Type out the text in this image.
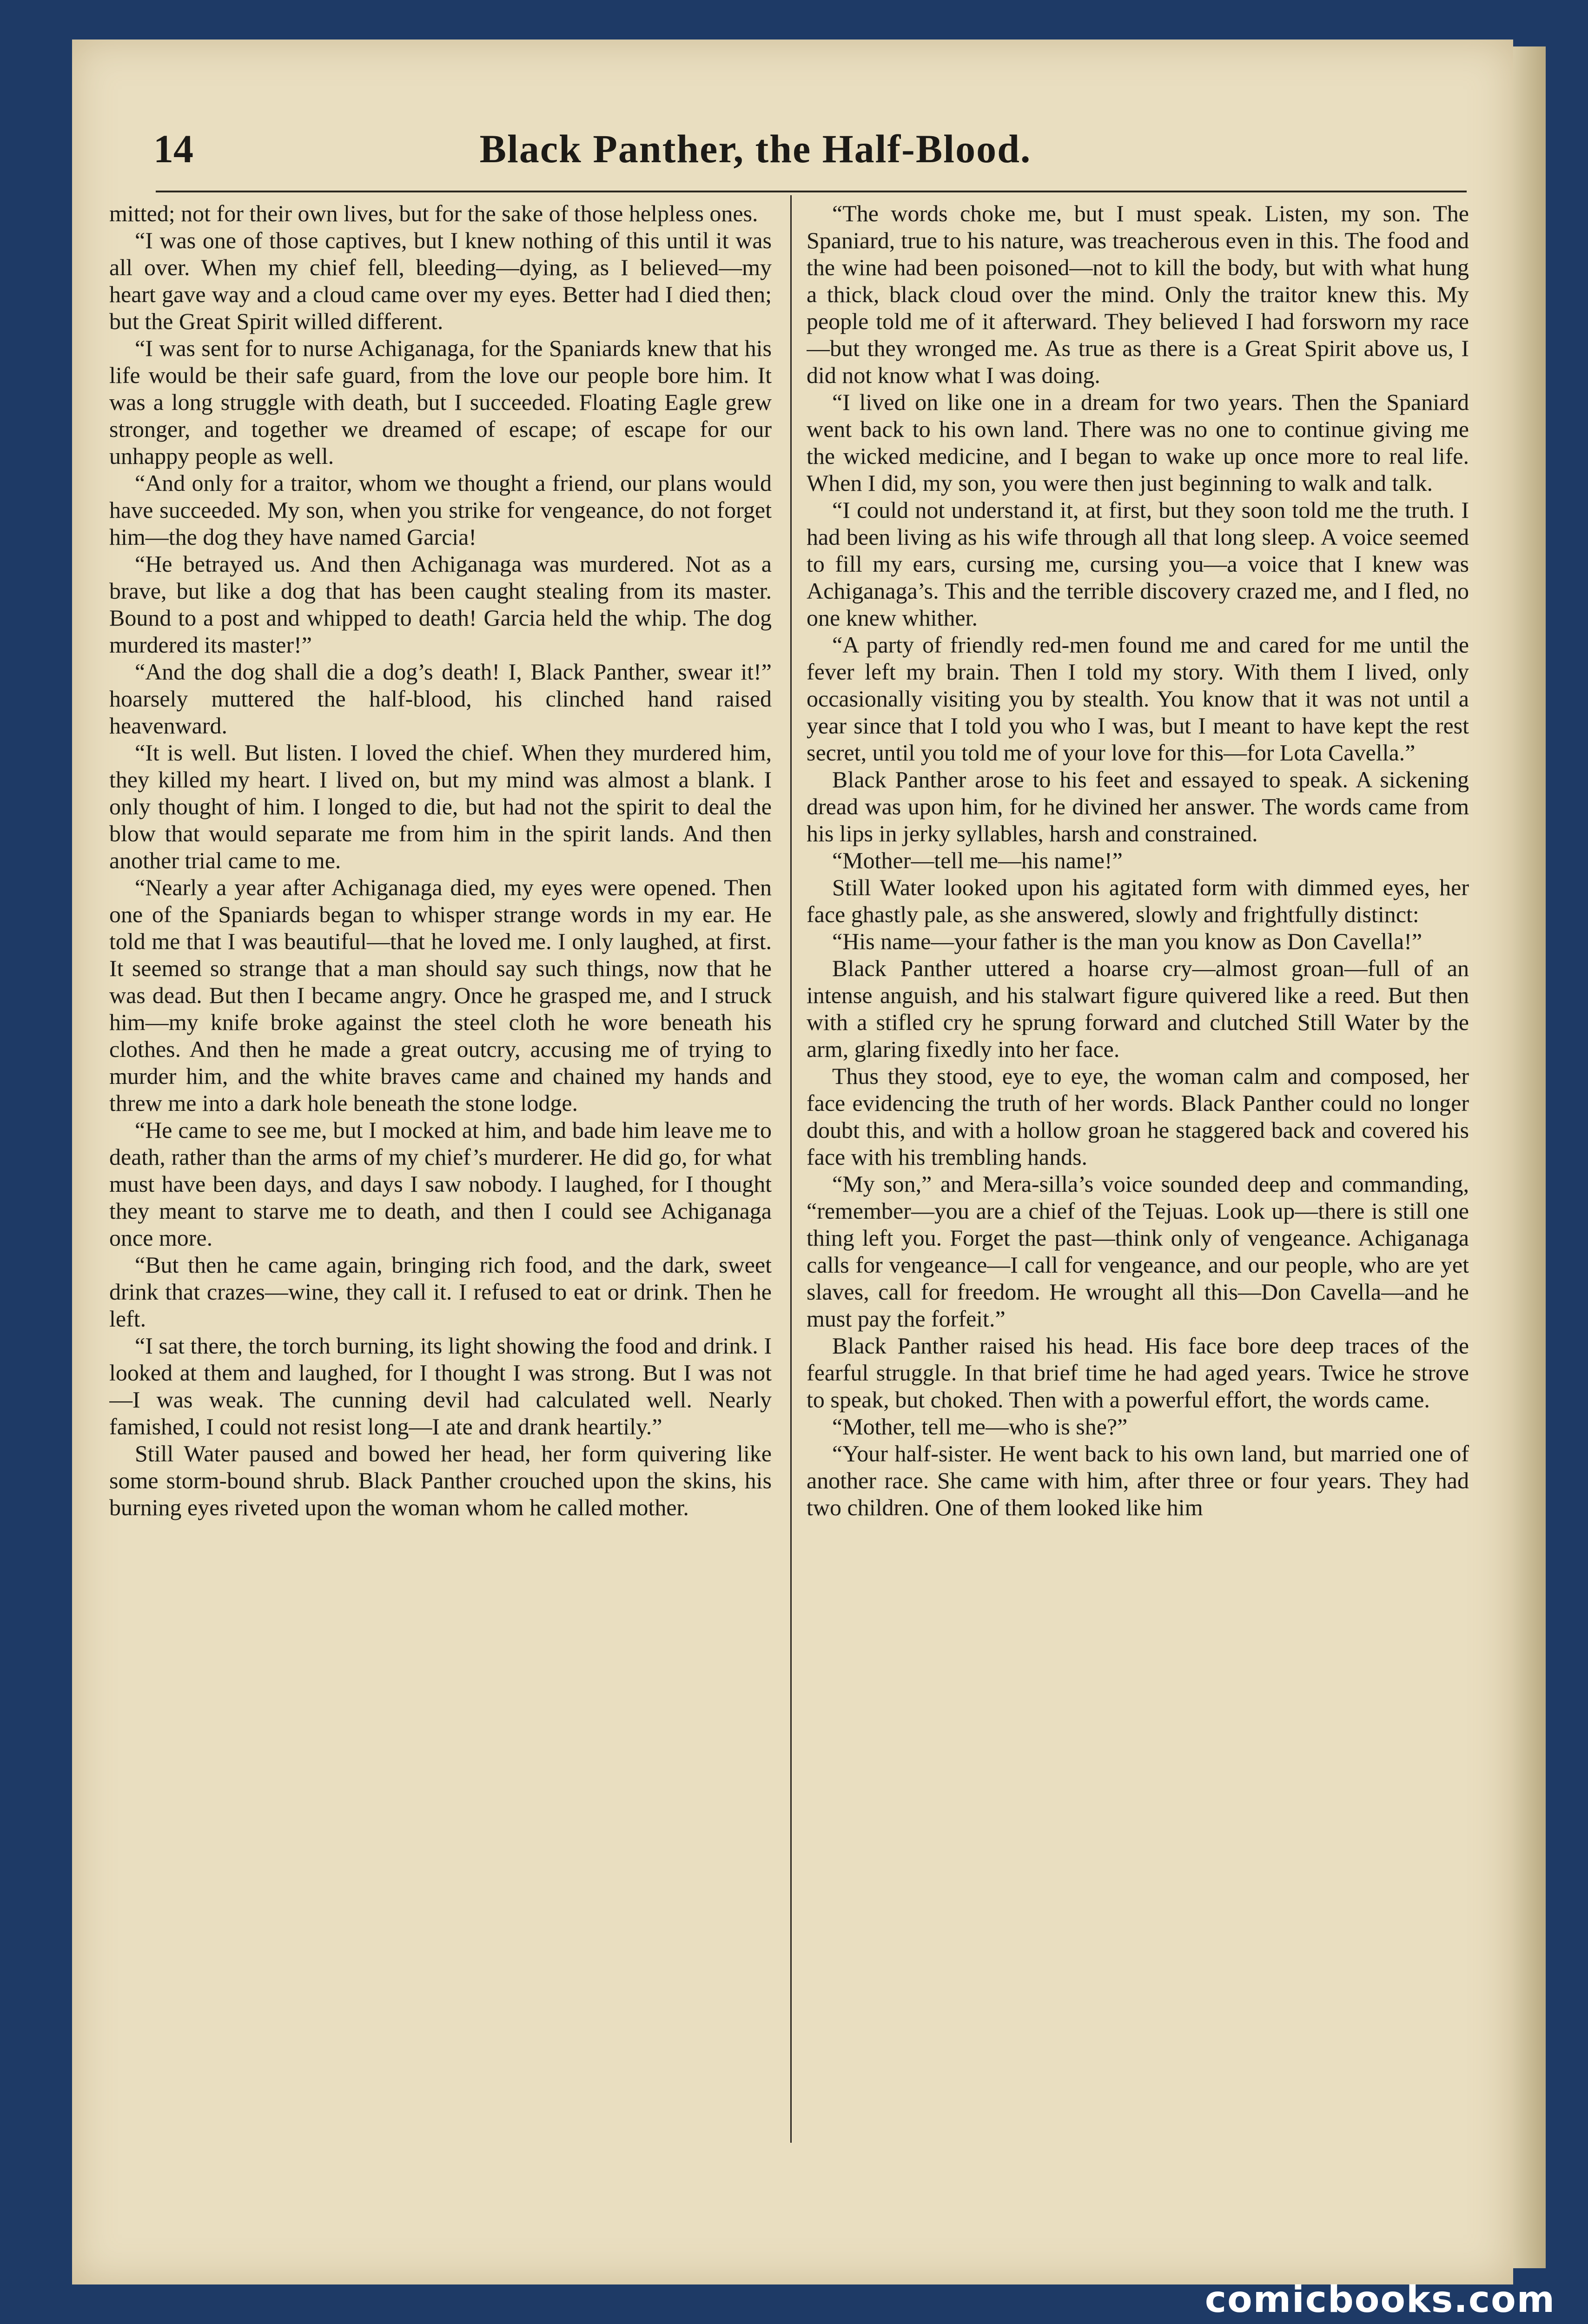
14	Black Panther, the Half-Blood.

mitted; not for their own lives, but for the sake of those helpless ones.

“I was one of those captives, but I knew nothing of this until it was all over. When my chief fell, bleeding—dying, as I believed—my heart gave way and a cloud came over my eyes. Better had I died then; but the Great Spirit willed different.

“I was sent for to nurse Achiganaga, for the Spaniards knew that his life would be their safe guard, from the love our people bore him. It was a long struggle with death, but I succeeded. Floating Eagle grew stronger, and together we dreamed of escape; of escape for our unhappy people as well.

“And only for a traitor, whom we thought a friend, our plans would have succeeded. My son, when you strike for vengeance, do not forget him—the dog they have named Garcia!

“He betrayed us. And then Achiganaga was murdered. Not as a brave, but like a dog that has been caught stealing from its master. Bound to a post and whipped to death! Garcia held the whip. The dog murdered its master!”

“And the dog shall die a dog’s death! I, Black Panther, swear it!” hoarsely muttered the half-blood, his clinched hand raised heavenward.

“It is well. But listen. I loved the chief. When they murdered him, they killed my heart. I lived on, but my mind was almost a blank. I only thought of him. I longed to die, but had not the spirit to deal the blow that would separate me from him in the spirit lands. And then another trial came to me.

“Nearly a year after Achiganaga died, my eyes were opened. Then one of the Spaniards began to whisper strange words in my ear. He told me that I was beautiful—that he loved me. I only laughed, at first. It seemed so strange that a man should say such things, now that he was dead. But then I became angry. Once he grasped me, and I struck him—my knife broke against the steel cloth he wore beneath his clothes. And then he made a great outcry, accusing me of trying to murder him, and the white braves came and chained my hands and threw me into a dark hole beneath the stone lodge.

“He came to see me, but I mocked at him, and bade him leave me to death, rather than the arms of my chief’s murderer. He did go, for what must have been days, and days I saw nobody. I laughed, for I thought they meant to starve me to death, and then I could see Achiganaga once more.

“But then he came again, bringing rich food, and the dark, sweet drink that crazes—wine, they call it. I refused to eat or drink. Then he left.

“I sat there, the torch burning, its light showing the food and drink. I looked at them and laughed, for I thought I was strong. But I was not—I was weak. The cunning devil had calculated well. Nearly famished, I could not resist long—I ate and drank heartily.”

Still Water paused and bowed her head, her form quivering like some storm-bound shrub. Black Panther crouched upon the skins, his burning eyes riveted upon the woman whom he called mother.

“The words choke me, but I must speak. Listen, my son. The Spaniard, true to his nature, was treacherous even in this. The food and the wine had been poisoned—not to kill the body, but with what hung a thick, black cloud over the mind. Only the traitor knew this. My people told me of it afterward. They believed I had forsworn my race—but they wronged me. As true as there is a Great Spirit above us, I did not know what I was doing.

“I lived on like one in a dream for two years. Then the Spaniard went back to his own land. There was no one to continue giving me the wicked medicine, and I began to wake up once more to real life. When I did, my son, you were then just beginning to walk and talk.

“I could not understand it, at first, but they soon told me the truth. I had been living as his wife through all that long sleep. A voice seemed to fill my ears, cursing me, cursing you—a voice that I knew was Achiganaga’s. This and the terrible discovery crazed me, and I fled, no one knew whither.

“A party of friendly red-men found me and cared for me until the fever left my brain. Then I told my story. With them I lived, only occasionally visiting you by stealth. You know that it was not until a year since that I told you who I was, but I meant to have kept the rest secret, until you told me of your love for this—for Lota Cavella.”

Black Panther arose to his feet and essayed to speak. A sickening dread was upon him, for he divined her answer. The words came from his lips in jerky syllables, harsh and constrained.

“Mother—tell me—his name!”

Still Water looked upon his agitated form with dimmed eyes, her face ghastly pale, as she answered, slowly and frightfully distinct:

“His name—your father is the man you know as Don Cavella!”

Black Panther uttered a hoarse cry—almost groan—full of an intense anguish, and his stalwart figure quivered like a reed. But then with a stifled cry he sprung forward and clutched Still Water by the arm, glaring fixedly into her face.

Thus they stood, eye to eye, the woman calm and composed, her face evidencing the truth of her words. Black Panther could no longer doubt this, and with a hollow groan he staggered back and covered his face with his trembling hands.

“My son,” and Mera-silla’s voice sounded deep and commanding, “remember—you are a chief of the Tejuas. Look up—there is still one thing left you. Forget the past—think only of vengeance. Achiganaga calls for vengeance—I call for vengeance, and our people, who are yet slaves, call for freedom. He wrought all this—Don Cavella—and he must pay the forfeit.”

Black Panther raised his head. His face bore deep traces of the fearful struggle. In that brief time he had aged years. Twice he strove to speak, but choked. Then with a powerful effort, the words came.

“Mother, tell me—who is she?”

“Your half-sister. He went back to his own land, but married one of another race. She came with him, after three or four years. They had two children. One of them looked like him

comicbooks.com
